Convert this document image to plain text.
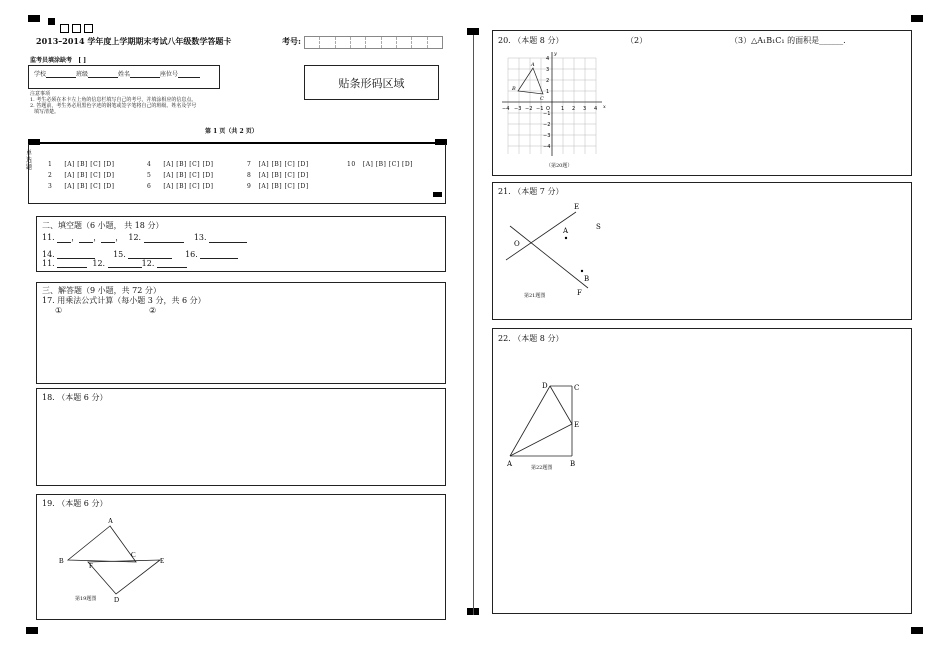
2013–2014 学年度上学期期末考试八年级数学答题卡	考号:
监考员填涂缺考 [ ]
学校	班级	姓名	座位号
贴条形码区域
注意事项
1. 考生必须在本卡左上角的信息栏填写自己的考号，并填涂相应的信息点。
2. 答题前，考生务必用黑色字迹的钢笔或签字笔将自己的班级、姓名及学号
填写清楚。
第 1 页（共 2 页）
单
选
题	1 [A] [B] [C] [D]
2 [A] [B] [C] [D]
3 [A] [B] [C] [D]
4 [A] [B] [C] [D]
5 [A] [B] [C] [D]
6 [A] [B] [C] [D]
7 [A] [B] [C] [D]
8 [A] [B] [C] [D]
9 [A] [B] [C] [D]
10 [A] [B] [C] [D]
二、填空题（6 小题， 共 18 分）
11. ， ， ， 12.	13.
14.	15.	16.
11.	12.	12.
三、解答题（9 小题，共 72 分）
17. 用乘法公式计算（每小题 3 分，共 6 分）
①	②
18. （本题 6 分）
19. （本题 6 分）
A
B
C
F
E
D
第19题图
20. （本题 8 分）	（2）	（3）△A₁B₁C₁ 的面积是______.
y
x
A
B
C
−4 −3 −2 −1 O 1 2 3 4
4
3
2
1
−1
−2
−3
−4
（第20题）
21. （本题 7 分）
E
O
A	S
B
F
第21题图
22. （本题 8 分）
D	C
E
A	B
第22题图
